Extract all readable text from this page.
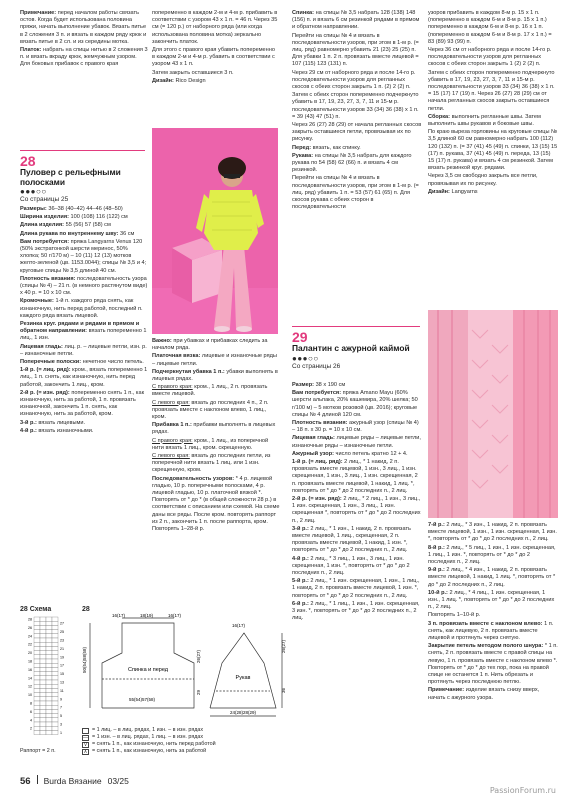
Примечание: перед началом работы связать остов. Когда будет использована половина пряжи, начать выполнение убавок. Вязать питье в 2 сложения 3 п. и вязать в каждом ряду крюк и вязать питье в 2 сл. и из середины мотка.

Платок: набрать на спицы нитью в 2 сложения 3 п. и вязать вкраду крюк, жемчужным узором. Для боковых прибавок с правого края

попеременно в каждом 2-м и 4-м р. прибавить в соответствии с узором 43 х 1 п. = 46 п. Через 35 см (= 120 р.) от наборного ряда (или когда использована половина мотка) зеркально закончить платок.

Для этого с правого края убавить попеременно в каждом 2-м и 4-м р. убавить в соответствии с узором 43 х 1 п.

Затем закрыть оставшиеся 3 п.

Дизайн: Rico Design

28
Пуловер с рельефными полосками
●●●○○
Со страницы 25

Размеры: 36–38 (40–42) 44–46 (48–50)

Ширина изделия: 100 (108) 116 (122) см

Длина изделия: 55 (56) 57 (58) см

Длина рукава по внутреннему шву: 36 см

Вам потребуется: пряжа Langyarns Venus 120 (50% экстратонкой шерсти меринос, 50% хлопка; 50 г/170 м) – 10 (11) 12 (13) мотков желто-зеленой (цв. 1153.0044); спицы № 3,5 и 4; круговые спицы № 3,5 длиной 40 см.

Плотность вязания: последовательность узора (спицы № 4) – 21 п. (в немного растянутом виде) x 40 р. = 10 х 10 см.

Кромочные: 1-й п. каждого ряда снять, как изнаночную, нить перед работой, последний п. каждого ряда вязать лицевой.

Резинка круг. рядами и рядами в прямом и обратном направлении: вязать попеременно 1 лиц., 1 изн.

Лицевая гладь: лиц. р. – лицевые петли, изн. р. – изнаночные петли.

Поперечные полоски: нечетное число петель.

1-й р. (= лиц. ряд): кром., вязать попеременно 1 лиц., 1 п. снять, как изнаночную, нить перед работой, закончить 1 лиц., кром.

2-й р. (= изн. ряд): попеременно снять 1 п., как изнаночную, нить за работой, 1 п. провязать изнаночной, закончить 1 п. снять, как изнаночную, нить за работой, кром.

3-й р.: вязать лицевыми.

4-й р.: вязать изнаночными.

Важно: при убавках и прибавках следить за началом ряда.

Платочная вязка: лицевые и изнаночные ряды – лицевые петли.

Подчеркнутая убавка 1 п.: убавки выполнять в лицевых рядах.

С правого края: кром., 1 лиц., 2 п. провязать вместе лицевой.

С левого края: вязать до последних 4 п., 2 п. провязать вместе с наклоном влево, 1 лиц., кром.

Прибавка 1 п.: прибавки выполнять в лицевых рядах.

С правого края: кром., 1 лиц., из поперечной нити вязать 1 лиц., кром. скрещенную.

С левого края: вязать до последних петли, из поперечной нити вязать 1 лиц. или 1 изн. скрещенную, кром.

Последовательность узоров: * 4 р. лицевой гладью, 10 р. поперечными полосками, 4 р. лицевой гладью, 10 р. платочной вязкой *. Повторять от * до * (в общей сложности 28 р.) в соответствии с описанием или схемой. На схеме даны все ряды. После кром. повторять раппорт из 2 п., закончить 1 п. после раппорта, кром. Повторять 1–28-й р.

Спинка: на спицы № 3,5 набрать 128 (138) 148 (156) п. и вязать 6 см резинкой рядами в прямом и обратном направлении.

Перейти на спицы № 4 и вязать в последовательности узоров, при этом в 1-м р. (= лиц. ряд) равномерно убавить 21 (23) 25 (25) п. Для убавки 1 п. 2 п. провязать вместе лицевой = 107 (115) 123 (131) п.

Через 29 см от наборного ряда и после 14-го р. последовательности узоров для регланных скосов с обеих сторон закрыть 1 п. (2) 2 (2) п.

Затем с обеих сторон попеременно подчеркнуто убавить в 17, 19, 23, 27, 3, 7, 11 и 15-м р. последовательности узоров 33 (34) 36 (38) х 1 п. = 39 (43) 47 (51) п.

Через 26 (27) 28 (29) от начала регланных скосов закрыть оставшиеся петли, провязывая их по рисунку.

Перед: вязать, как спинку.

Рукава: на спицы № 3,5 набрать для каждого рукава по 54 (58) 62 (66) п. и вязать 4 см резинкой.

Перейти на спицы № 4 и вязать в последовательности узоров, при этом в 1-м р. (= лиц. ряд) убавить 1 п. = 53 (57) 61 (65) п. Для скосов рукава с обеих сторон в последовательности

узоров прибавить в каждом 8-м р. 15 х 1 п. (попеременно в каждом 6-м и 8-м р. 15 х 1 п.) попеременно в каждом 6-м и 8-м р. 16 х 1 п. (попеременно в каждом 6-м и 8-м р. 17 х 1 п.) = 83 (89) 93 (99) п.

Через 36 см от наборного ряда и после 14-го р. последовательности узоров для регланных скосов с обеих сторон закрыть 1 (2) 2 (2) п.

Затем с обеих сторон попеременно подчеркнуто убавить в 17, 19, 23, 27, 3, 7, 11 и 15-м р. последовательности узоров 33 (34) 36 (38) х 1 п. = 15 (17) 17 (19) п. Через 26 (27) 28 (29) см от начала регланных скосов закрыть оставшиеся петли.

Сборка: выполнить регланные швы. Затем выполнить швы рукавов и боковые швы.

По краю выреза горловины на круговые спицы № 3,5 длиной 60 см равномерно набрать 100 (112) 120 (132) п. (= 37 (41) 45 (49) п. спинки, 13 (15) 15 (17) п. рукава, 37 (41) 45 (49) п. переда, 13 (15) 15 (17) п. рукава) и вязать 4 см резинкой. Затем вязать резинкой круг. рядами.

Через 3,5 см свободно закрыть все петли, провязывая их по рисунку.

Дизайн: Langyarns

29
Палантин с ажурной каймой
●●●○○
Со страницы 26

Размер: 38 х 190 см

Вам потребуется: пряжа Amano Mayu (60% шерсти альпака, 20% кашемира, 20% шелка; 50 г/100 м) – 5 мотков розовой (цв. 2016); круговые спицы № 4 длиной 120 см.

Плотность вязания: ажурный узор (спицы № 4) – 18 п. x 30 р. = 10 х 10 см.

Лицевая гладь: лицевые ряды – лицевые петли, изнаночные ряды – изнаночные петли.

Ажурный узор: число петель кратно 12 + 4.

1-й р. (= лиц. ряд): 2 лиц., * 1 накид, 2 п. провязать вместе лицевой, 1 изн., 3 лиц., 1 изн. скрещенная, 1 изн., 3 лиц., 1 изн. скрещенная, 2 п. провязать вместе лицевой, 1 накид, 1 лиц. *, повторять от * до * до 2 последних п., 2 лиц.

2-й р. (= изн. ряд): 2 лиц., * 2 лиц., 1 изн., 3 лиц., 1 изн. скрещенная, 1 изн., 3 лиц., 1 изн. скрещенная *, повторять от * до * до 2 последних п., 2 лиц.

3-й р.: 2 лиц., * 1 изн., 1 накид, 2 п. провязать вместе лицевой, 1 лиц., скрещенная, 2 п. провязать вместе лицевой, 1 накид, 1 изн. *, повторять от * до * до 2 последних п., 2 лиц.

4-й р.: 2 лиц., * 3 лиц., 1 изн., 3 лиц., 1 изн. скрещенная, 1 изн. *, повторять от * до * до 2 последних п., 2 лиц.

5-й р.: 2 лиц., * 1 изн. скрещенная, 1 изн., 1 лиц., 1 накид, 2 п. провязать вместе лицевой, 1 изн. *, повторять от * до * до 2 последних п., 2 лиц.

6-й р.: 2 лиц., * 1 лиц., 1 изн., 1 изн. скрещенная, 3 изн. *, повторять от * до * до 2 последних п., 2 лиц.

7-й р.: 2 лиц., * 3 изн., 1 накид, 2 п. провязать вместе лицевой, 1 изн., 1 изн. скрещенная, 1 изн. *, повторять от * до * до 2 последних п., 2 лиц.

8-й р.: 2 лиц., * 5 лиц., 1 изн., 1 изн. скрещенная, 1 лиц., 1 изн. *, повторять от * до * до 2 последних п., 2 лиц.

9-й р.: 2 лиц., * 4 изн., 1 накид, 2 п. провязать вместе лицевой, 1 накид, 1 лиц. *, повторять от * до * до 2 последних п., 2 лиц.

10-й р.: 2 лиц., * 4 лиц., 1 изн. скрещенная, 1 изн., 1 лиц. *, повторять от * до * до 2 последних п., 2 лиц.

Повторять 1–10-й р.

3 п. провязать вместе с наклоном влево: 1 п. снять, как лицевую, 2 п. провязать вместе лицевой и протянуть через снятую.

Закрытие петель методом полого шнура: * 1 п. снять, 2 п. провязать вместе с правой спицы на левую, 1 п. провязать вместе с наклоном влево *. Повторять от * до * до тех пор, пока на правой спице не останется 1 п. Нить обрезать и протянуть через последнюю петлю.

Примечание: изделие вязать снизу вверх, начать с ажурного узора.

28 Схема
28
26
24
22
20
18
16
14
12
10
8
6
4
2
27
25
23
21
19
17
15
13
11
9
7
5
3
1
Раппорт = 2 п.
= 1 лиц. – в лиц. рядах, 1 изн. – в изн. рядах
— = 1 изн. – в лиц. рядах, 1 лиц. – в изн. рядах
V = снять 1 п., как изнаночную, нить перед работой
∧ = снять 1 п., как изнаночную, нить за работой
28
Спинка и перед
Рукав
16(17)	18(19)	16(17)
16(17)
55(54)57(58)
24(28)28(29)
50(54)58(58)
26(27)
36
26(27)
29
56 Burda Вязание 03/25
PassionForum.ru
